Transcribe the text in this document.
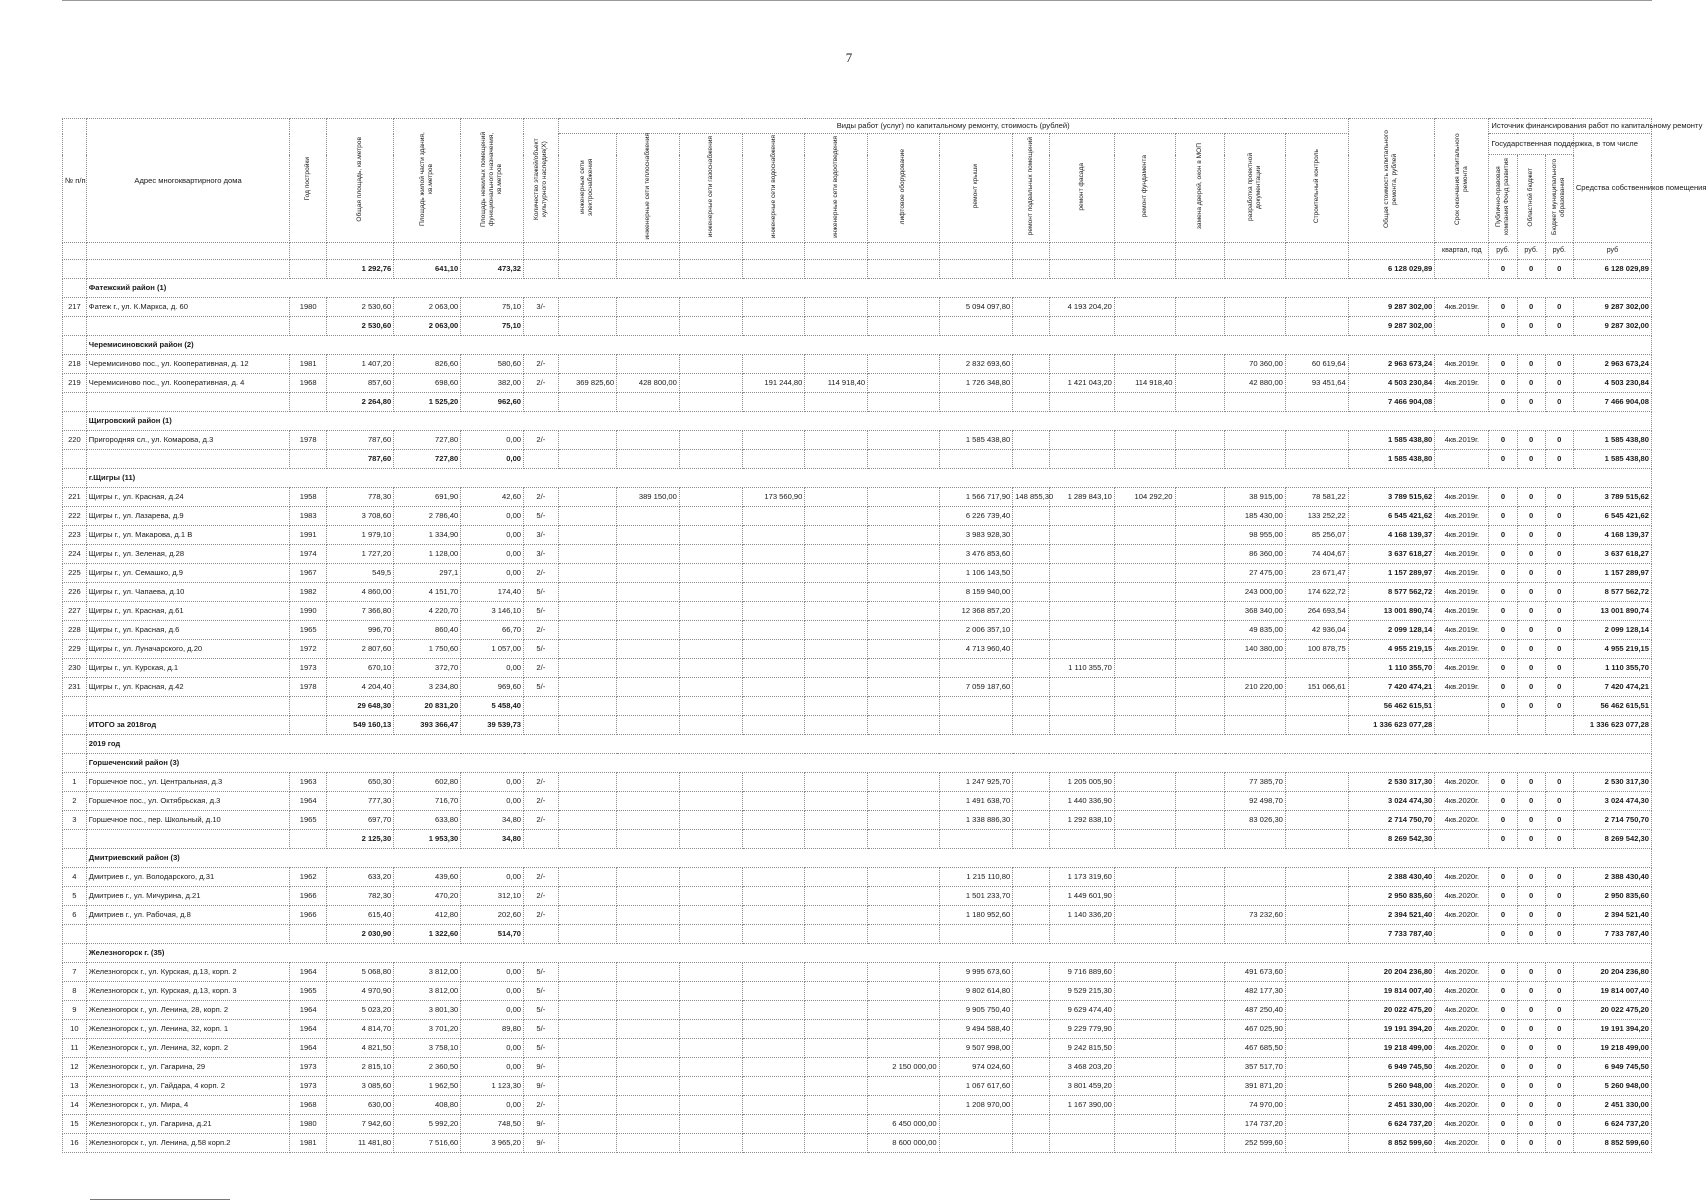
7
№ п/п	Адрес многоквартирного дома	Год постройки	Общая площадь, кв.метров	Площадь жилой части здания, кв.метров	Площадь нежилых помещений функционального назначения, кв.метров	Количество этажей/объект культурного наследия(X)	Виды работ (услуг) по капитальному ремонту, стоимость (рублей)													Общая стоимость капитального ремонта, рублей	Срок окончания капитального ремонта	Источник финансирования работ по капитальному ремонту			
							инженерные сети электроснабжения	инженерные сети теплоснабжения	инженерные сети газоснабжения	инженерные сети водоснабжения	инженерные сети водоотведения	лифтовое оборудование	ремонт крыши	ремонт подвальных помещений	ремонт фасада	ремонт фундамента	замена дверей, окон в МОП	разработка проектной документации	Строительный контроль			Государственная поддержка, в том числе			Средства собственников помещения
																						Публично-правовая компания Фонд развития	Областной бюджет	Бюджет муниципального образования	
																					квартал, год	руб.	руб.	руб.	руб
			1 292,76	641,10	473,32															6 128 029,89		0	0	0	6 128 029,89
	Фатежский район (1)																								
217	Фатеж г., ул. К.Маркса, д. 60	1980	2 530,60	2 063,00	75,10	3/-							5 094 097,80		4 193 204,20					9 287 302,00	4кв.2019г.	0	0	0	9 287 302,00
			2 530,60	2 063,00	75,10															9 287 302,00		0	0	0	9 287 302,00
	Черемисиновский район (2)																								
218	Черемисиново пос., ул. Кооперативная, д. 12	1981	1 407,20	826,60	580,60	2/-							2 832 693,60					70 360,00	60 619,64	2 963 673,24	4кв.2019г.	0	0	0	2 963 673,24
219	Черемисиново пос., ул. Кооперативная, д. 4	1968	857,60	698,60	382,00	2/-	369 825,60	428 800,00		191 244,80	114 918,40		1 726 348,80		1 421 043,20	114 918,40		42 880,00	93 451,64	4 503 230,84	4кв.2019г.	0	0	0	4 503 230,84
			2 264,80	1 525,20	962,60															7 466 904,08		0	0	0	7 466 904,08
	Щигровский район (1)																								
220	Пригородняя сл., ул. Комарова, д.3	1978	787,60	727,80	0,00	2/-							1 585 438,80							1 585 438,80	4кв.2019г.	0	0	0	1 585 438,80
			787,60	727,80	0,00															1 585 438,80		0	0	0	1 585 438,80
	г.Щигры (11)																								
221	Щигры г., ул. Красная, д.24	1958	778,30	691,90	42,60	2/-		389 150,00		173 560,90			1 566 717,90	148 855,30	1 289 843,10	104 292,20		38 915,00	78 581,22	3 789 515,62	4кв.2019г.	0	0	0	3 789 515,62
222	Щигры г., ул. Лазарева, д.9	1983	3 708,60	2 786,40	0,00	5/-							6 226 739,40					185 430,00	133 252,22	6 545 421,62	4кв.2019г.	0	0	0	6 545 421,62
223	Щигры г., ул. Макарова, д.1 В	1991	1 979,10	1 334,90	0,00	3/-							3 983 928,30					98 955,00	85 256,07	4 168 139,37	4кв.2019г.	0	0	0	4 168 139,37
224	Щигры г., ул. Зеленая, д.28	1974	1 727,20	1 128,00	0,00	3/-							3 476 853,60					86 360,00	74 404,67	3 637 618,27	4кв.2019г.	0	0	0	3 637 618,27
225	Щигры г., ул. Семашко, д.9	1967	549,5	297,1	0,00	2/-							1 106 143,50					27 475,00	23 671,47	1 157 289,97	4кв.2019г.	0	0	0	1 157 289,97
226	Щигры г., ул. Чапаева, д.10	1982	4 860,00	4 151,70	174,40	5/-							8 159 940,00					243 000,00	174 622,72	8 577 562,72	4кв.2019г.	0	0	0	8 577 562,72
227	Щигры г., ул. Красная, д.61	1990	7 366,80	4 220,70	3 146,10	5/-							12 368 857,20					368 340,00	264 693,54	13 001 890,74	4кв.2019г.	0	0	0	13 001 890,74
228	Щигры г., ул. Красная, д.6	1965	996,70	860,40	66,70	2/-							2 006 357,10					49 835,00	42 936,04	2 099 128,14	4кв.2019г.	0	0	0	2 099 128,14
229	Щигры г., ул. Луначарского, д.20	1972	2 807,60	1 750,60	1 057,00	5/-							4 713 960,40					140 380,00	100 878,75	4 955 219,15	4кв.2019г.	0	0	0	4 955 219,15
230	Щигры г., ул. Курская, д.1	1973	670,10	372,70	0,00	2/-									1 110 355,70					1 110 355,70	4кв.2019г.	0	0	0	1 110 355,70
231	Щигры г., ул. Красная, д.42	1978	4 204,40	3 234,80	969,60	5/-							7 059 187,60					210 220,00	151 066,61	7 420 474,21	4кв.2019г.	0	0	0	7 420 474,21
			29 648,30	20 831,20	5 458,40															56 462 615,51		0	0	0	56 462 615,51
	ИТОГО за 2018год		549 160,13	393 366,47	39 539,73															1 336 623 077,28					1 336 623 077,28
	2019 год																								
	Горшеченский район (3)																								
1	Горшечное пос., ул. Центральная, д.3	1963	650,30	602,80	0,00	2/-							1 247 925,70		1 205 005,90			77 385,70		2 530 317,30	4кв.2020г.	0	0	0	2 530 317,30
2	Горшечное пос., ул. Октябрьская, д.3	1964	777,30	716,70	0,00	2/-							1 491 638,70		1 440 336,90			92 498,70		3 024 474,30	4кв.2020г.	0	0	0	3 024 474,30
3	Горшечное пос., пер. Школьный, д.10	1965	697,70	633,80	34,80	2/-							1 338 886,30		1 292 838,10			83 026,30		2 714 750,70	4кв.2020г.	0	0	0	2 714 750,70
			2 125,30	1 953,30	34,80															8 269 542,30		0	0	0	8 269 542,30
	Дмитриевский район (3)																								
4	Дмитриев г., ул. Володарского, д.31	1962	633,20	439,60	0,00	2/-							1 215 110,80		1 173 319,60					2 388 430,40	4кв.2020г.	0	0	0	2 388 430,40
5	Дмитриев г., ул. Мичурина, д.21	1966	782,30	470,20	312,10	2/-							1 501 233,70		1 449 601,90					2 950 835,60	4кв.2020г.	0	0	0	2 950 835,60
6	Дмитриев г., ул. Рабочая, д.8	1966	615,40	412,80	202,60	2/-							1 180 952,60		1 140 336,20			73 232,60		2 394 521,40	4кв.2020г.	0	0	0	2 394 521,40
			2 030,90	1 322,60	514,70															7 733 787,40		0	0	0	7 733 787,40
	Железногорск г. (35)																								
7	Железногорск г., ул. Курская, д.13, корп. 2	1964	5 068,80	3 812,00	0,00	5/-							9 995 673,60		9 716 889,60			491 673,60		20 204 236,80	4кв.2020г.	0	0	0	20 204 236,80
8	Железногорск г., ул. Курская, д.13, корп. 3	1965	4 970,90	3 812,00	0,00	5/-							9 802 614,80		9 529 215,30			482 177,30		19 814 007,40	4кв.2020г.	0	0	0	19 814 007,40
9	Железногорск г., ул. Ленина, 28, корп. 2	1964	5 023,20	3 801,30	0,00	5/-							9 905 750,40		9 629 474,40			487 250,40		20 022 475,20	4кв.2020г.	0	0	0	20 022 475,20
10	Железногорск г., ул. Ленина, 32, корп. 1	1964	4 814,70	3 701,20	89,80	5/-							9 494 588,40		9 229 779,90			467 025,90		19 191 394,20	4кв.2020г.	0	0	0	19 191 394,20
11	Железногорск г., ул. Ленина, 32, корп. 2	1964	4 821,50	3 758,10	0,00	5/-							9 507 998,00		9 242 815,50			467 685,50		19 218 499,00	4кв.2020г.	0	0	0	19 218 499,00
12	Железногорск г., ул. Гагарина, 29	1973	2 815,10	2 360,50	0,00	9/-						2 150 000,00	974 024,60		3 468 203,20			357 517,70		6 949 745,50	4кв.2020г.	0	0	0	6 949 745,50
13	Железногорск г., ул. Гайдара, 4 корп. 2	1973	3 085,60	1 962,50	1 123,30	9/-							1 067 617,60		3 801 459,20			391 871,20		5 260 948,00	4кв.2020г.	0	0	0	5 260 948,00
14	Железногорск г., ул. Мира, 4	1968	630,00	408,80	0,00	2/-							1 208 970,00		1 167 390,00			74 970,00		2 451 330,00	4кв.2020г.	0	0	0	2 451 330,00
15	Железногорск г., ул. Гагарина, д.21	1980	7 942,60	5 992,20	748,50	9/-						6 450 000,00						174 737,20		6 624 737,20	4кв.2020г.	0	0	0	6 624 737,20
16	Железногорск г., ул. Ленина, д.58 корп.2	1981	11 481,80	7 516,60	3 965,20	9/-						8 600 000,00						252 599,60		8 852 599,60	4кв.2020г.	0	0	0	8 852 599,60
